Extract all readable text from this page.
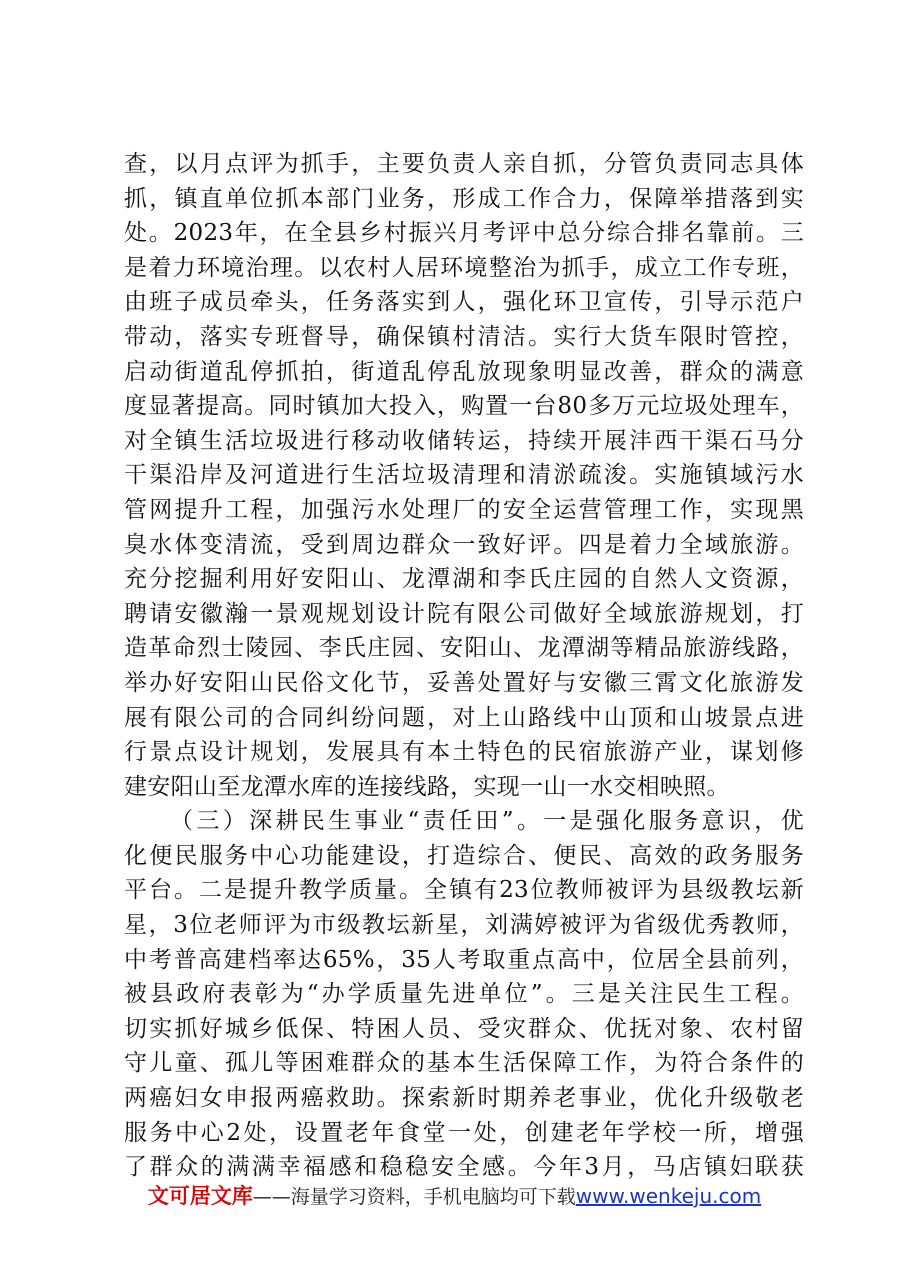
查，以月点评为抓手，主要负责人亲自抓，分管负责同志具体
抓，镇直单位抓本部门业务，形成工作合力，保障举措落到实
处。2023年，在全县乡村振兴月考评中总分综合排名靠前。三
是着力环境治理。以农村人居环境整治为抓手，成立工作专班，
由班子成员牵头，任务落实到人，强化环卫宣传，引导示范户
带动，落实专班督导，确保镇村清洁。实行大货车限时管控，
启动街道乱停抓拍，街道乱停乱放现象明显改善，群众的满意
度显著提高。同时镇加大投入，购置一台80多万元垃圾处理车，
对全镇生活垃圾进行移动收储转运，持续开展沣西干渠石马分
干渠沿岸及河道进行生活垃圾清理和清淤疏浚。实施镇域污水
管网提升工程，加强污水处理厂的安全运营管理工作，实现黑
臭水体变清流，受到周边群众一致好评。四是着力全域旅游。
充分挖掘利用好安阳山、龙潭湖和李氏庄园的自然人文资源，
聘请安徽瀚一景观规划设计院有限公司做好全域旅游规划，打
造革命烈士陵园、李氏庄园、安阳山、龙潭湖等精品旅游线路，
举办好安阳山民俗文化节，妥善处置好与安徽三霄文化旅游发
展有限公司的合同纠纷问题，对上山路线中山顶和山坡景点进
行景点设计规划，发展具有本土特色的民宿旅游产业，谋划修
建安阳山至龙潭水库的连接线路，实现一山一水交相映照。
（三）深耕民生事业“责任田”。一是强化服务意识，优
化便民服务中心功能建设，打造综合、便民、高效的政务服务
平台。二是提升教学质量。全镇有23位教师被评为县级教坛新
星，3位老师评为市级教坛新星，刘满婷被评为省级优秀教师，
中考普高建档率达65%，35人考取重点高中，位居全县前列，
被县政府表彰为“办学质量先进单位”。三是关注民生工程。
切实抓好城乡低保、特困人员、受灾群众、优抚对象、农村留
守儿童、孤儿等困难群众的基本生活保障工作，为符合条件的
两癌妇女申报两癌救助。探索新时期养老事业，优化升级敬老
服务中心2处，设置老年食堂一处，创建老年学校一所，增强
了群众的满满幸福感和稳稳安全感。今年3月，马店镇妇联获
文可居文库——海量学习资料，手机电脑均可下载www.wenkeju.com
